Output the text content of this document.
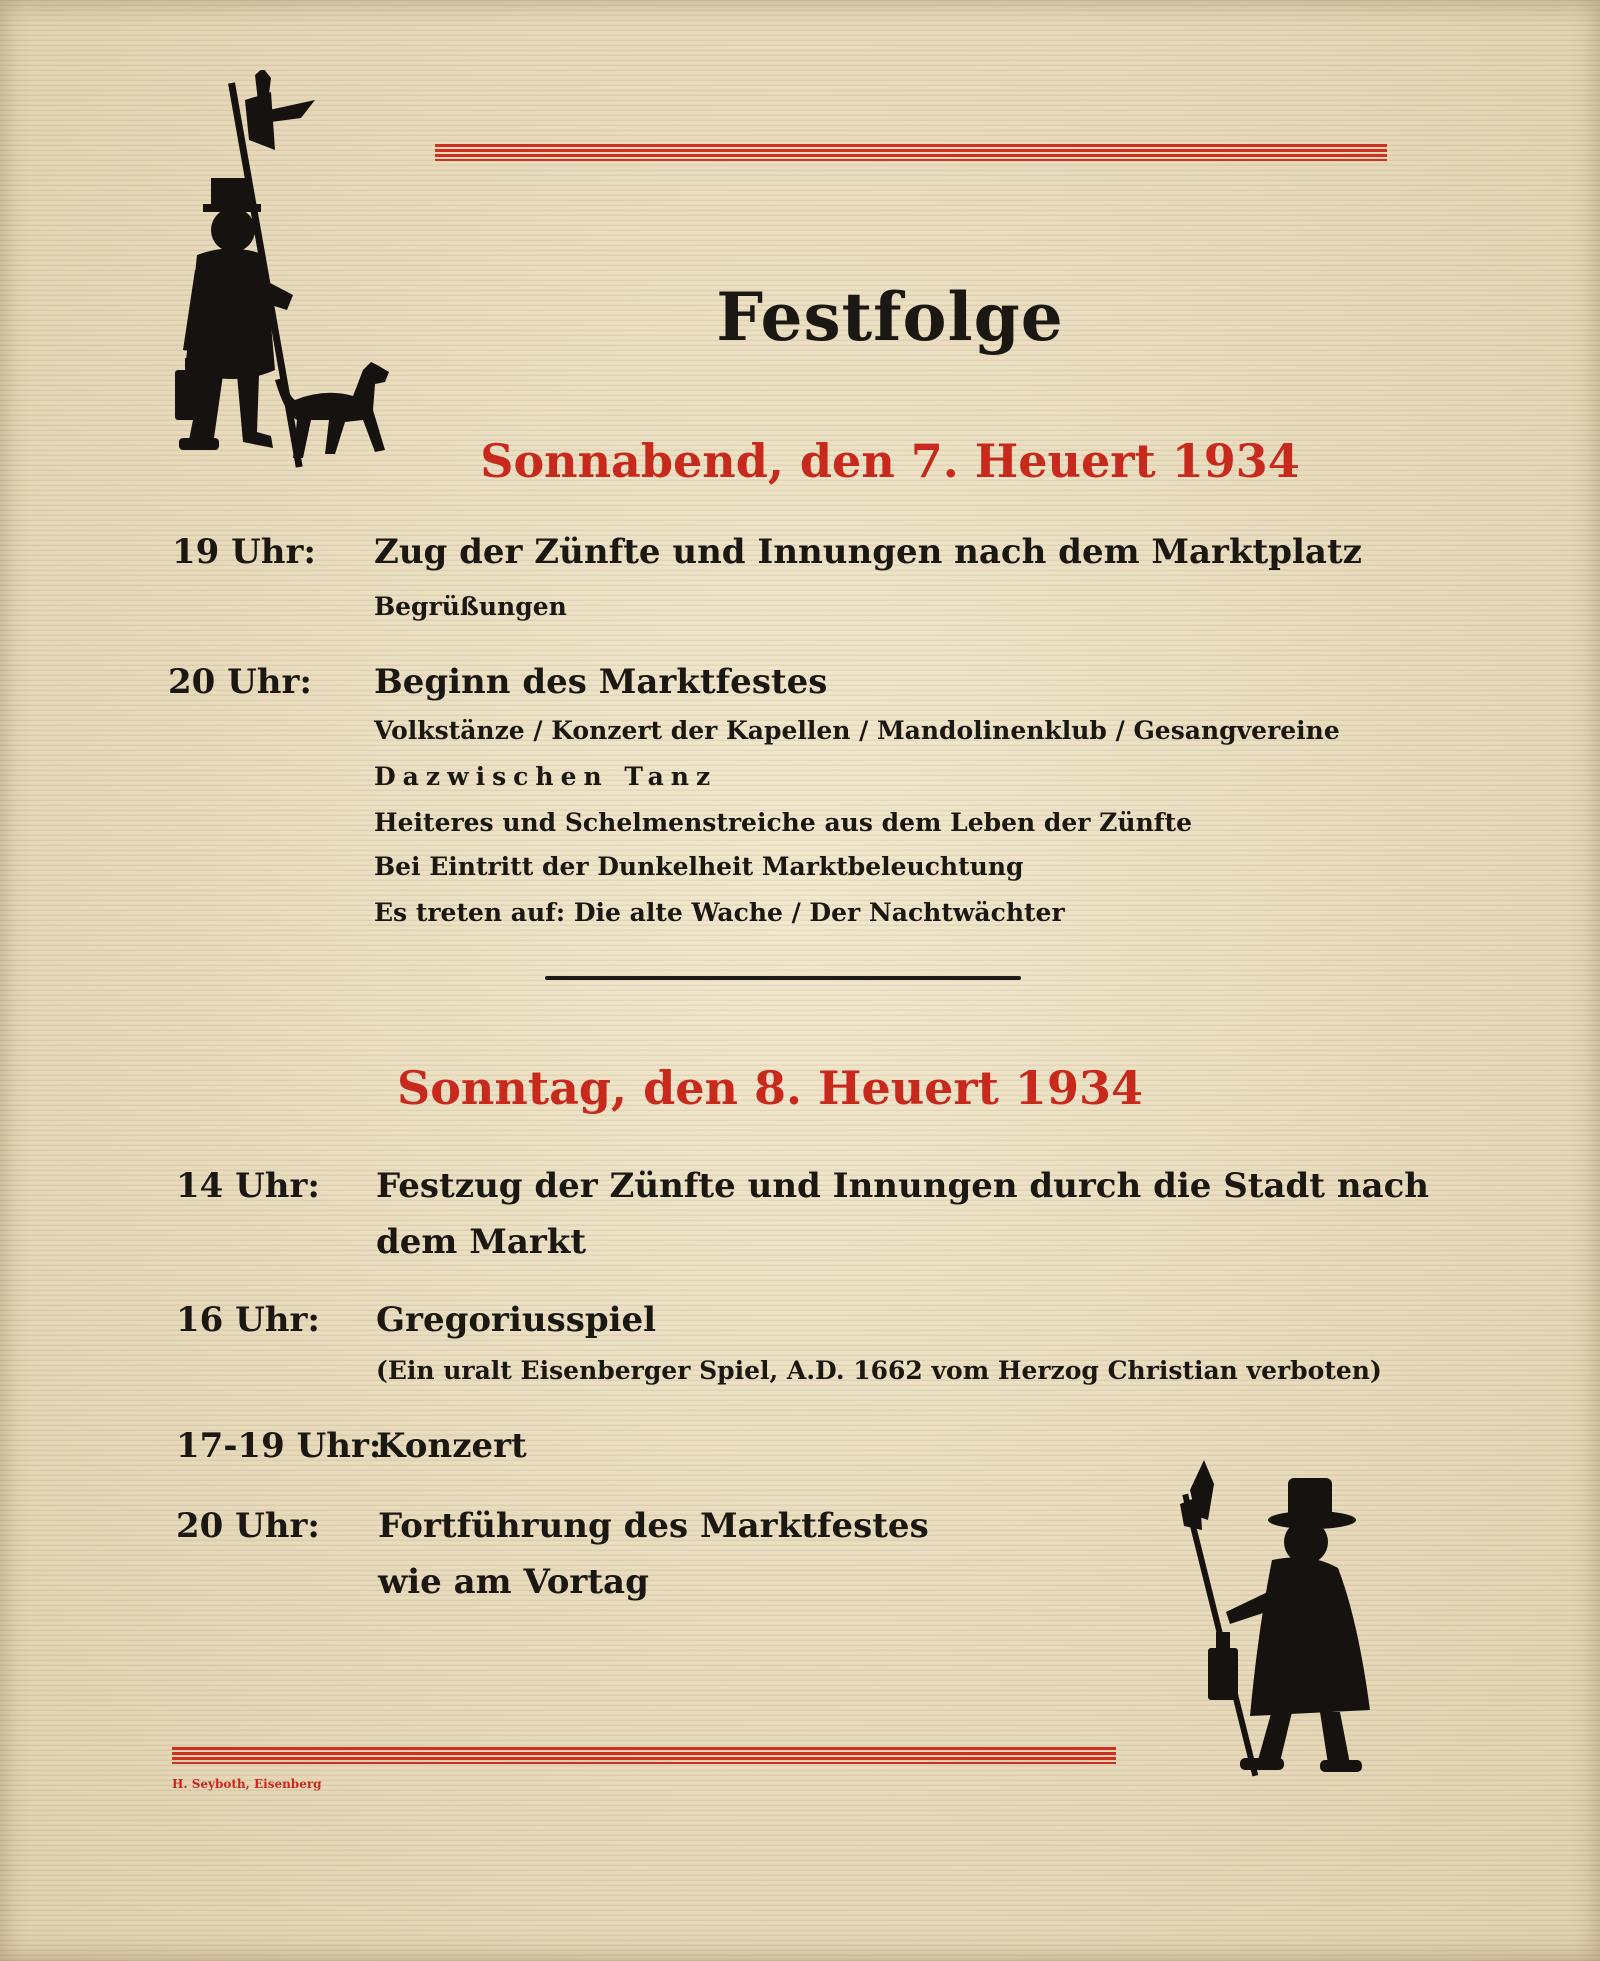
Festfolge
Sonnabend, den 7. Heuert 1934
19 Uhr: Zug der Zünfte und Innungen nach dem Marktplatz
Begrüßungen
20 Uhr: Beginn des Marktfestes
Volkstänze / Konzert der Kapellen / Mandolinenklub / Gesangvereine
Dazwischen Tanz
Heiteres und Schelmenstreiche aus dem Leben der Zünfte
Bei Eintritt der Dunkelheit Marktbeleuchtung
Es treten auf: Die alte Wache / Der Nachtwächter
Sonntag, den 8. Heuert 1934
14 Uhr: Festzug der Zünfte und Innungen durch die Stadt nach
dem Markt
16 Uhr: Gregoriusspiel
(Ein uralt Eisenberger Spiel, A.D. 1662 vom Herzog Christian verboten)
17-19 Uhr:
Konzert
20 Uhr: Fortführung des Marktfestes
wie am Vortag
H. Seyboth, Eisenberg
